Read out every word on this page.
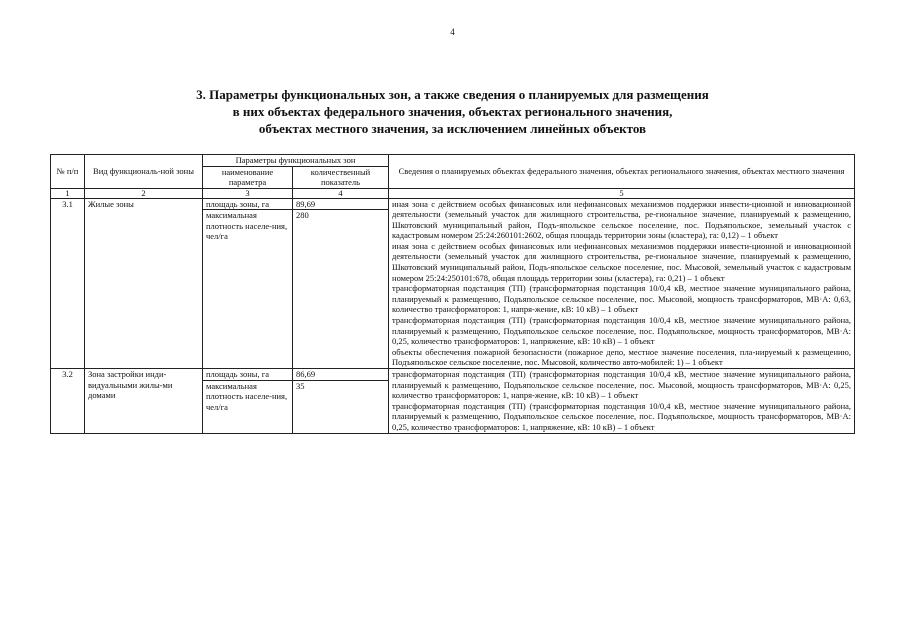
4
3. Параметры функциональных зон, а также сведения о планируемых для размещения
в них объектах федерального значения, объектах регионального значения,
объектах местного значения, за исключением линейных объектов
№ п/п	Вид функциональ-ной зоны	Параметры функциональных зон		Сведения о планируемых объектах федерального значения, объектах регионального значения, объектах местного значения
		наименование параметра	количественный показатель	
1	2	3	4	5
3.1	Жилые зоны	площадь зоны, га	89,69	иная зона с действием особых финансовых или нефинансовых механизмов поддержки инвести-ционной и инновационной деятельности (земельный участок для жилищного строительства, ре-гиональное значение, планируемый к размещению, Шкотовский муниципальный район, Подъ-япольское сельское поселение, пос. Подъяпольское, земельный участок с кадастровым номером 25:24:260101:2602, общая площадь территории зоны (кластера), га: 0,12) – 1 объект

иная зона с действием особых финансовых или нефинансовых механизмов поддержки инвести-ционной и инновационной деятельности (земельный участок для жилищного строительства, ре-гиональное значение, планируемый к размещению, Шкотовский муниципальный район, Подъ-япольское сельское поселение, пос. Мысовой, земельный участок с кадастровым номером 25:24:250101:678, общая площадь территории зоны (кластера), га: 0,21) – 1 объект

трансформаторная подстанция (ТП) (трансформаторная подстанция 10/0,4 кВ, местное значение муниципального района, планируемый к размещению, Подъяпольское сельское поселение, пос. Мысовой, мощность трансформаторов, МВ·А: 0,63, количество трансформаторов: 1, напря-жение, кВ: 10 кВ) – 1 объект

трансформаторная подстанция (ТП) (трансформаторная подстанция 10/0,4 кВ, местное значение муниципального района, планируемый к размещению, Подъяпольское сельское поселение, пос. Подъяпольское, мощность трансформаторов, МВ·А: 0,25, количество трансформаторов: 1, напряжение, кВ: 10 кВ) – 1 объект

объекты обеспечения пожарной безопасности (пожарное депо, местное значение поселения, пла-нируемый к размещению, Подъяпольское сельское поселение, пос. Мысовой, количество авто-мобилей: 1) – 1 объект

		максимальная плотность населе-ния, чел/га	280	
3.2	Зона застройки инди-видуальными жилы-ми домами	площадь зоны, га	86,69	трансформаторная подстанция (ТП) (трансформаторная подстанция 10/0,4 кВ, местное значение муниципального района, планируемый к размещению, Подъяпольское сельское поселение, пос. Мысовой, мощность трансформаторов, МВ·А: 0,25, количество трансформаторов: 1, напря-жение, кВ: 10 кВ) – 1 объект

трансформаторная подстанция (ТП) (трансформаторная подстанция 10/0,4 кВ, местное значение муниципального района, планируемый к размещению, Подъяпольское сельское поселение, пос. Подъяпольское, мощность трансформаторов, МВ·А: 0,25, количество трансформаторов: 1, напряжение, кВ: 10 кВ) – 1 объект

		максимальная плотность населе-ния, чел/га	35	
